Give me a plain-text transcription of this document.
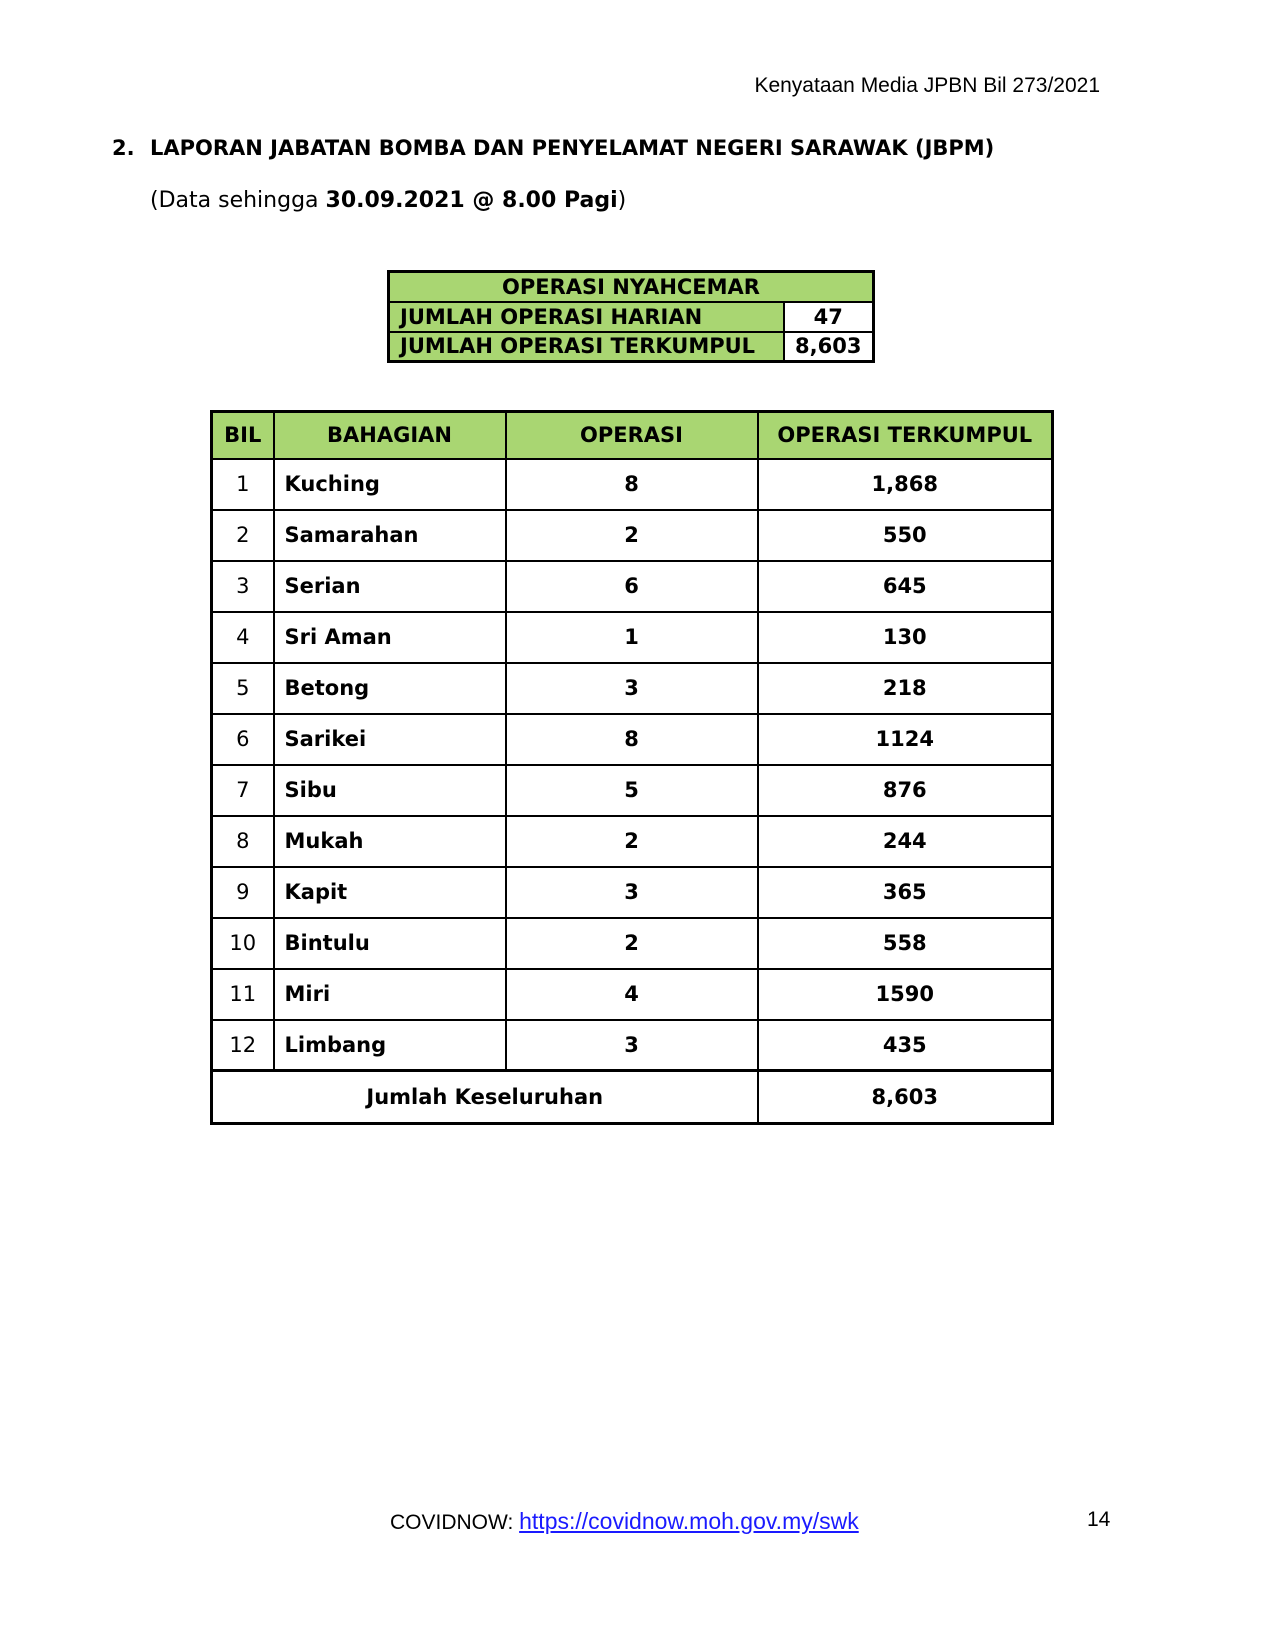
Kenyataan Media JPBN Bil 273/2021
2. LAPORAN JABATAN BOMBA DAN PENYELAMAT NEGERI SARAWAK (JBPM)
(Data sehingga 30.09.2021 @ 8.00 Pagi)
OPERASI NYAHCEMAR	
JUMLAH OPERASI HARIAN	47
JUMLAH OPERASI TERKUMPUL	8,603
BIL	BAHAGIAN	OPERASI	OPERASI TERKUMPUL
1	Kuching	8	1,868
2	Samarahan	2	550
3	Serian	6	645
4	Sri Aman	1	130
5	Betong	3	218
6	Sarikei	8	1124
7	Sibu	5	876
8	Mukah	2	244
9	Kapit	3	365
10	Bintulu	2	558
11	Miri	4	1590
12	Limbang	3	435
Jumlah Keseluruhan			8,603
COVIDNOW: https://covidnow.moh.gov.my/swk	14
